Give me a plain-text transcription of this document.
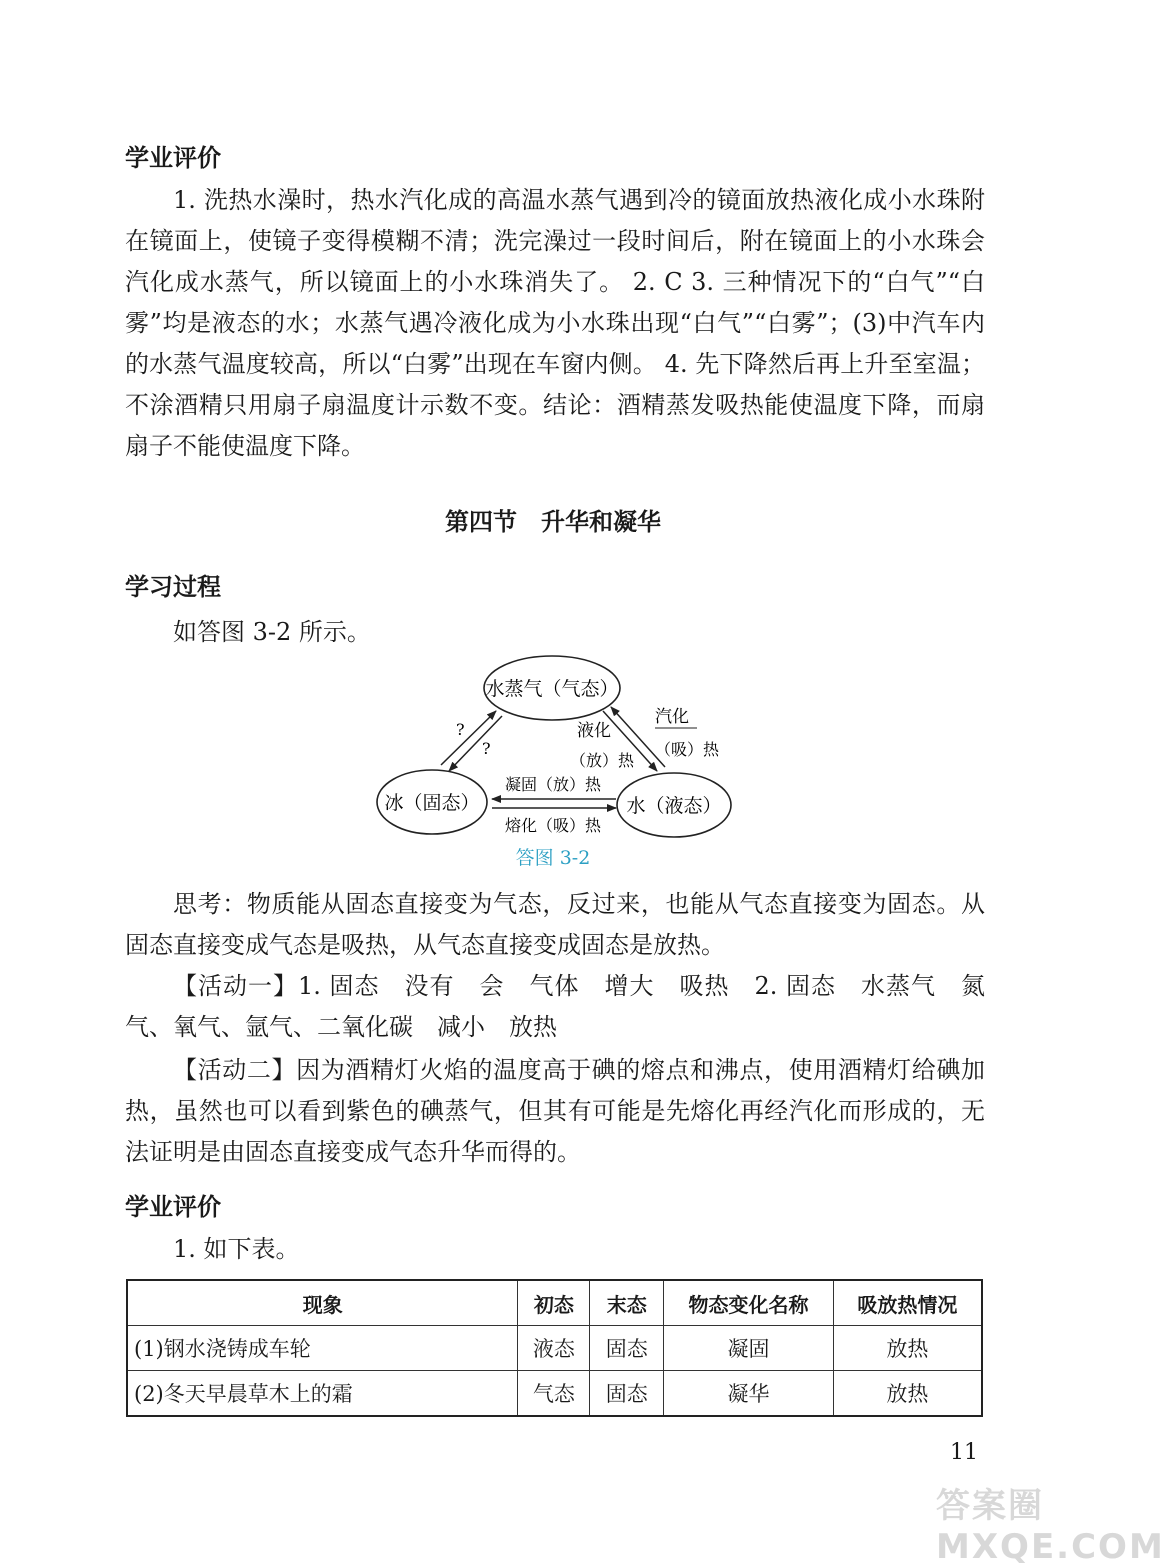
学业评价

1. 洗热水澡时，热水汽化成的高温水蒸气遇到冷的镜面放热液化成小水珠附在镜面上，使镜子变得模糊不清；洗完澡过一段时间后，附在镜面上的小水珠会汽化成水蒸气，所以镜面上的小水珠消失了。 2. C 3. 三种情况下的“白气”“白雾”均是液态的水；水蒸气遇冷液化成为小水珠出现“白气”“白雾”；(3)中汽车内的水蒸气温度较高，所以“白雾”出现在车窗内侧。 4. 先下降然后再上升至室温；不涂酒精只用扇子扇温度计示数不变。结论：酒精蒸发吸热能使温度下降，而扇扇子不能使温度下降。

第四节　升华和凝华
学习过程

如答图 3-2 所示。

水蒸气（气态）
冰（固态）	水（液态）
?
?
液化
（放）热
汽化
（吸）热
凝固（放）热
熔化（吸）热
答图 3-2

思考：物质能从固态直接变为气态，反过来，也能从气态直接变为固态。从固态直接变成气态是吸热，从气态直接变成固态是放热。

【活动一】1. 固态　没有　会　气体　增大　吸热　2. 固态　水蒸气　氮气、氧气、氩气、二氧化碳　减小　放热

【活动二】因为酒精灯火焰的温度高于碘的熔点和沸点，使用酒精灯给碘加热，虽然也可以看到紫色的碘蒸气，但其有可能是先熔化再经汽化而形成的，无法证明是由固态直接变成气态升华而得的。

学业评价

1. 如下表。

现象	初态	末态	物态变化名称	吸放热情况
(1)钢水浇铸成车轮	液态	固态	凝固	放热
(2)冬天早晨草木上的霜	气态	固态	凝华	放热
11
答案圈 MXQE.COM
